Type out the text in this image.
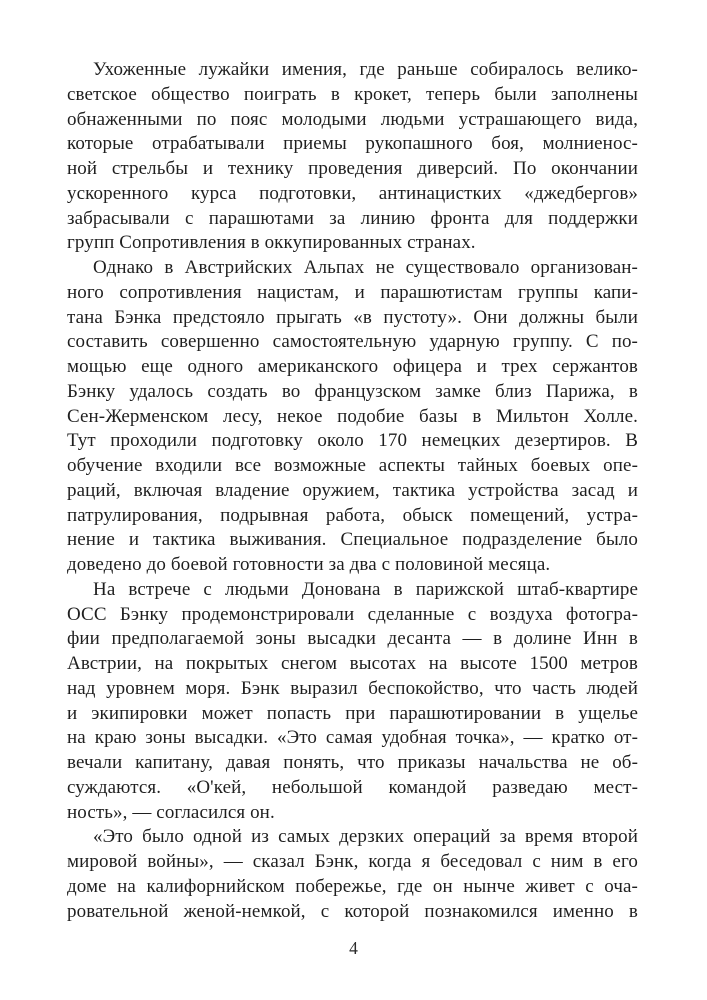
Ухоженные лужайки имения, где раньше собиралось велико-
светское общество поиграть в крокет, теперь были заполнены
обнаженными по пояс молодыми людьми устрашающего вида,
которые отрабатывали приемы рукопашного боя, молниенос-
ной стрельбы и технику проведения диверсий. По окончании
ускоренного курса подготовки, антинацистких «джедбергов»
забрасывали с парашютами за линию фронта для поддержки
групп Сопротивления в оккупированных странах.
Однако в Австрийских Альпах не существовало организован-
ного сопротивления нацистам, и парашютистам группы капи-
тана Бэнка предстояло прыгать «в пустоту». Они должны были
составить совершенно самостоятельную ударную группу. С по-
мощью еще одного американского офицера и трех сержантов
Бэнку удалось создать во французском замке близ Парижа, в
Сен-Жерменском лесу, некое подобие базы в Мильтон Холле.
Тут проходили подготовку около 170 немецких дезертиров. В
обучение входили все возможные аспекты тайных боевых опе-
раций, включая владение оружием, тактика устройства засад и
патрулирования, подрывная работа, обыск помещений, устра-
нение и тактика выживания. Специальное подразделение было
доведено до боевой готовности за два с половиной месяца.
На встрече с людьми Донована в парижской штаб-квартире
ОСС Бэнку продемонстрировали сделанные с воздуха фотогра-
фии предполагаемой зоны высадки десанта — в долине Инн в
Австрии, на покрытых снегом высотах на высоте 1500 метров
над уровнем моря. Бэнк выразил беспокойство, что часть людей
и экипировки может попасть при парашютировании в ущелье
на краю зоны высадки. «Это самая удобная точка», — кратко от-
вечали капитану, давая понять, что приказы начальства не об-
суждаются. «О'кей, небольшой командой разведаю мест-
ность», — согласился он.
«Это было одной из самых дерзких операций за время второй
мировой войны», — сказал Бэнк, когда я беседовал с ним в его
доме на калифорнийском побережье, где он нынче живет с оча-
ровательной женой-немкой, с которой познакомился именно в
4
